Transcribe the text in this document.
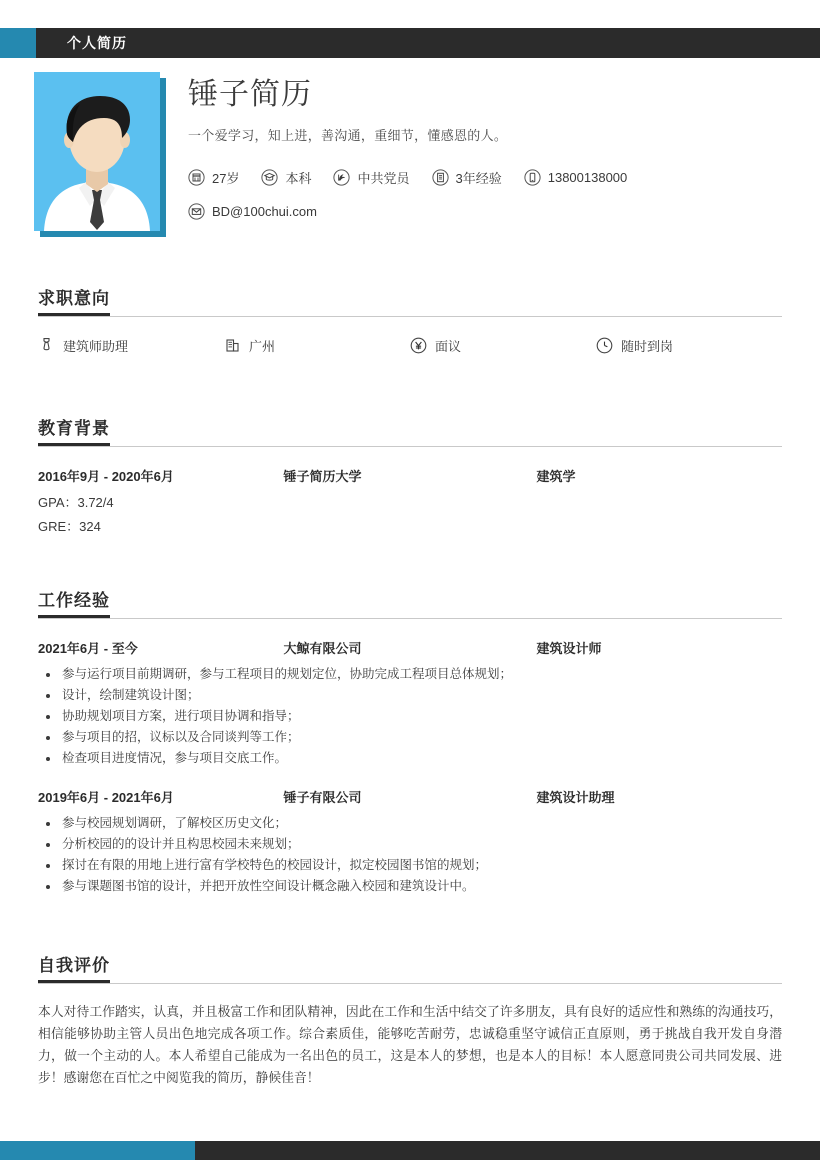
个人简历
锤子简历
一个爱学习，知上进，善沟通，重细节，懂感恩的人。
27岁	本科	中共党员	3年经验	13800138000
BD@100chui.com
求职意向
建筑师助理	广州	面议	随时到岗
教育背景
2016年9月 - 2020年6月	锤子简历大学	建筑学
GPA：3.72/4
GRE：324
工作经验
2021年6月 - 至今	大鲸有限公司	建筑设计师
参与运行项目前期调研，参与工程项目的规划定位，协助完成工程项目总体规划；
设计，绘制建筑设计图；
协助规划项目方案，进行项目协调和指导；
参与项目的招，议标以及合同谈判等工作；
检查项目进度情况，参与项目交底工作。
2019年6月 - 2021年6月	锤子有限公司	建筑设计助理
参与校园规划调研，了解校区历史文化；
分析校园的的设计并且构思校园未来规划；
探讨在有限的用地上进行富有学校特色的校园设计，拟定校园图书馆的规划；
参与课题图书馆的设计，并把开放性空间设计概念融入校园和建筑设计中。
自我评价
本人对待工作踏实，认真，并且极富工作和团队精神，因此在工作和生活中结交了许多朋友，具有良好的适应性和熟练的沟通技巧，相信能够协助主管人员出色地完成各项工作。综合素质佳，能够吃苦耐劳，忠诚稳重坚守诚信正直原则，勇于挑战自我开发自身潜力，做一个主动的人。本人希望自己能成为一名出色的员工，这是本人的梦想，也是本人的目标！本人愿意同贵公司共同发展、进步！感谢您在百忙之中阅览我的简历，静候佳音！
